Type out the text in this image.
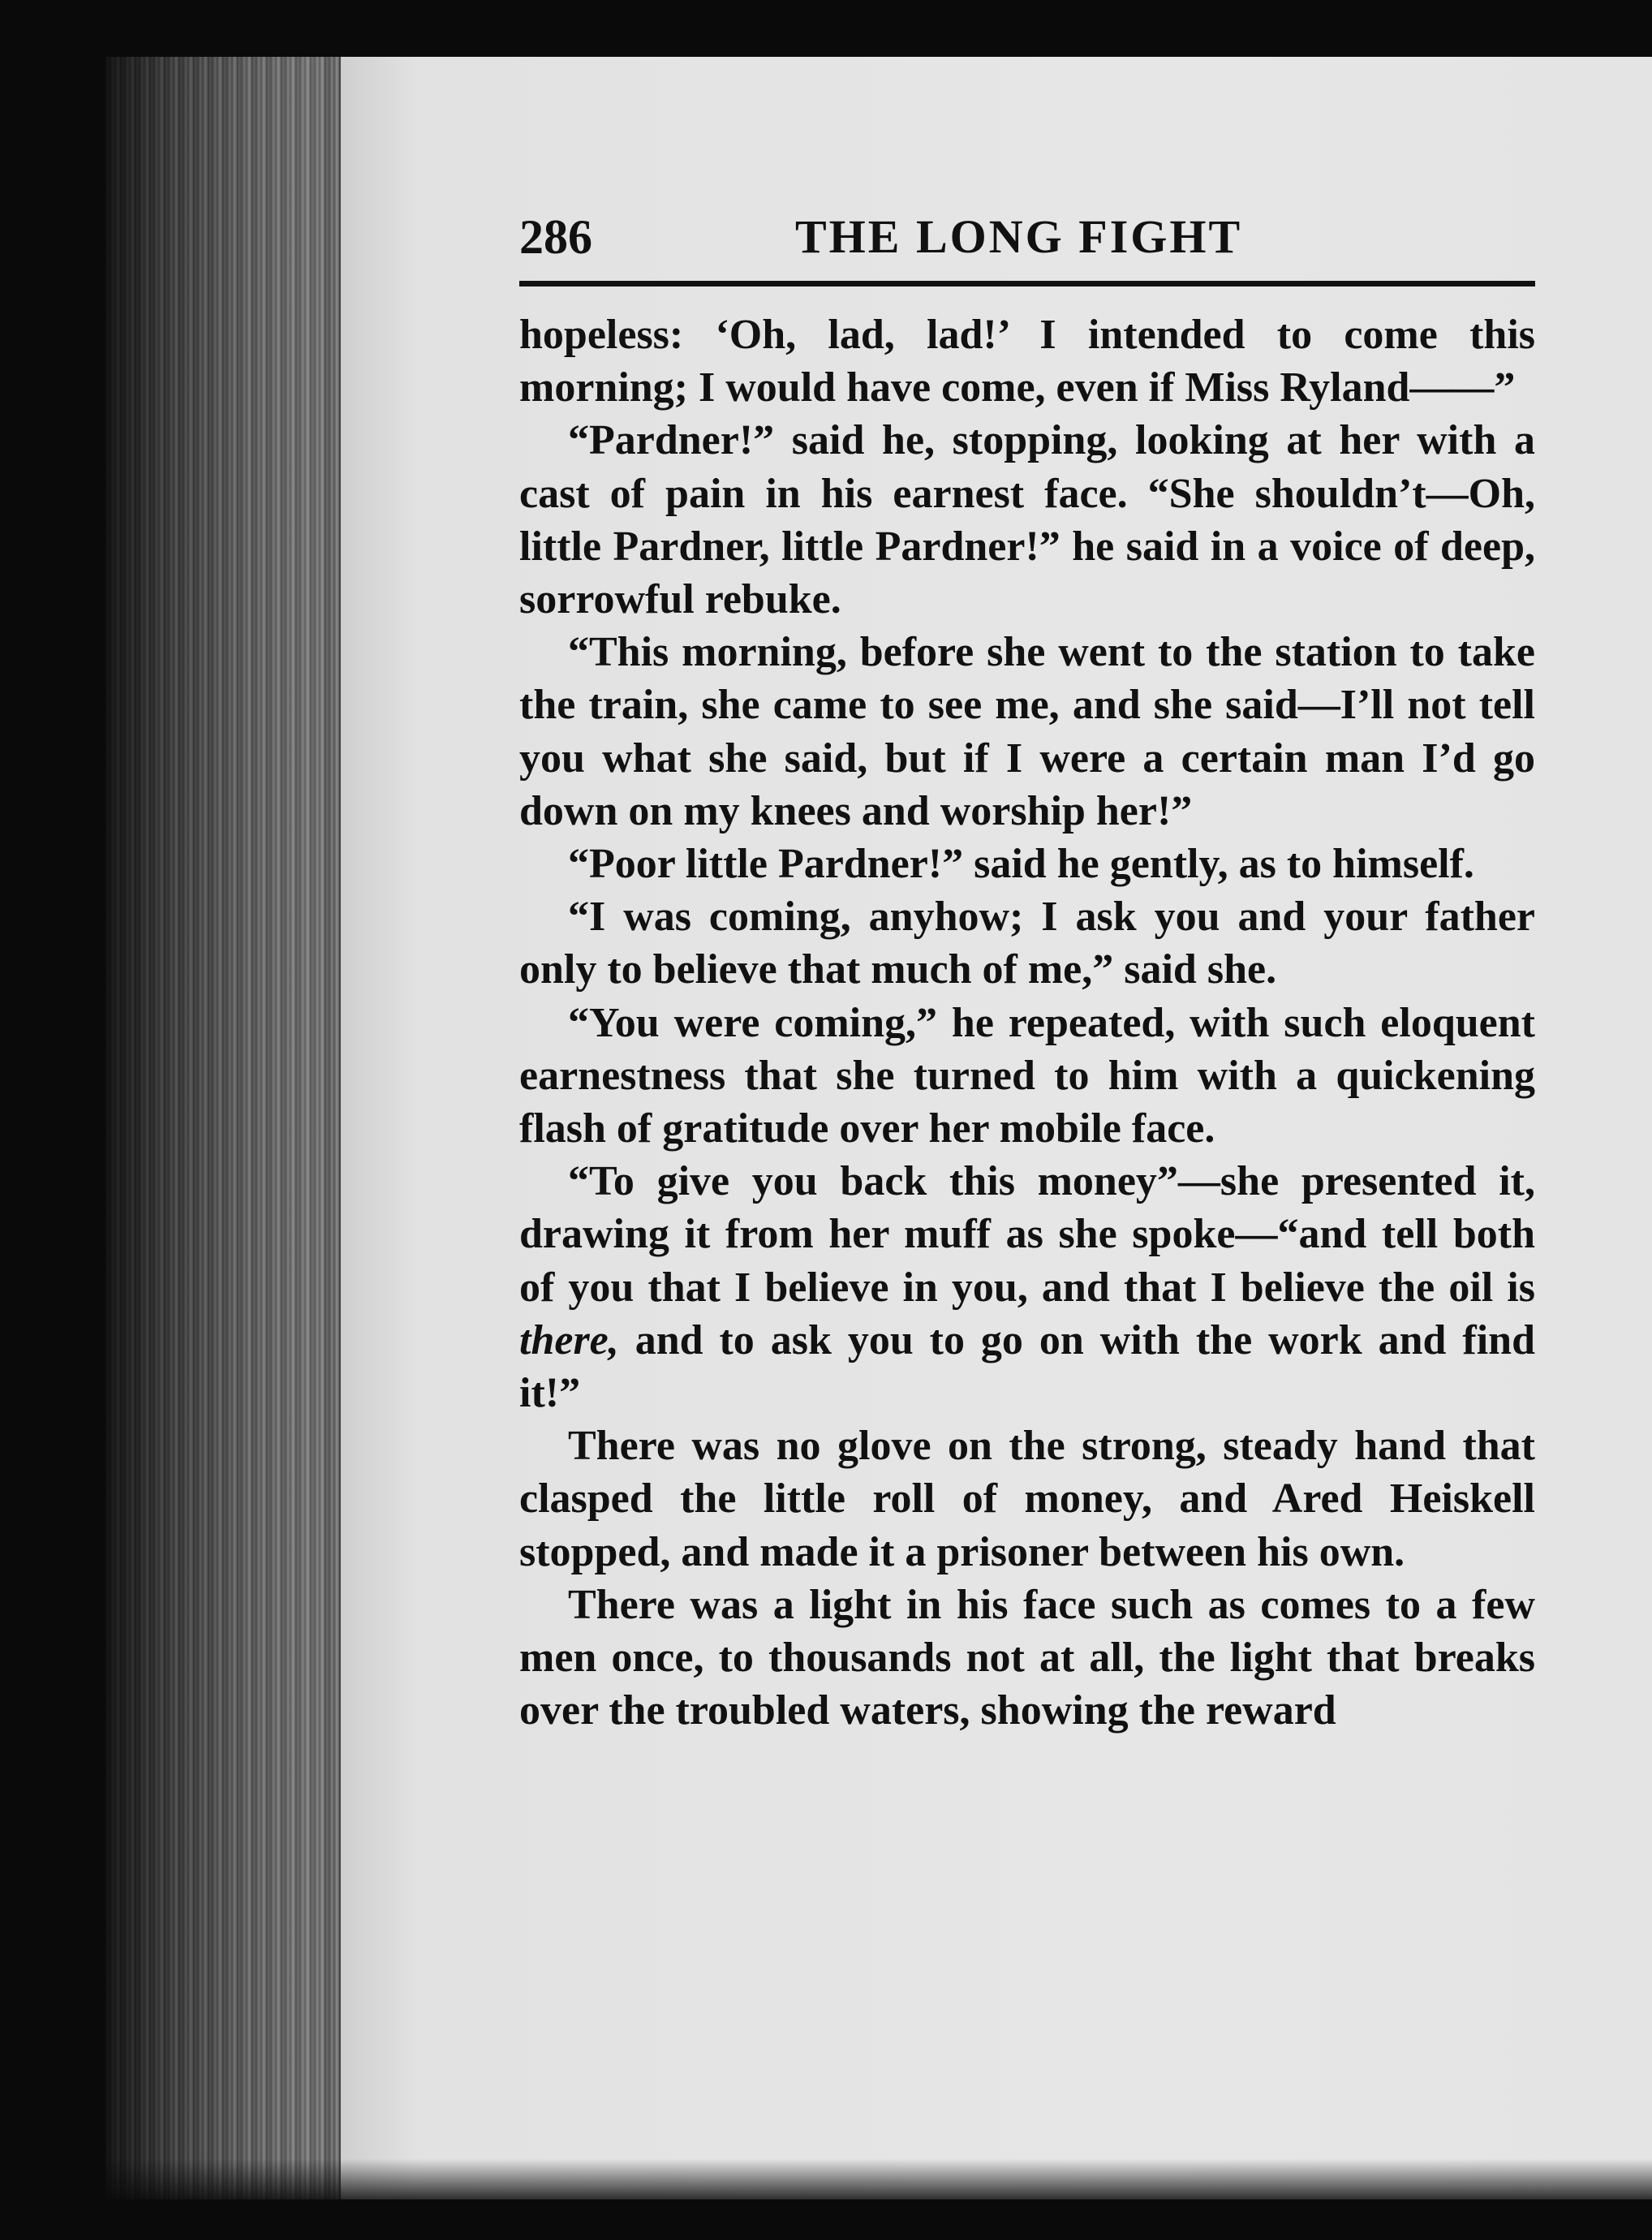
286	THE LONG FIGHT

hopeless: ‘Oh, lad, lad!’ I intended to come this morning; I would have come, even if Miss Ryland——”

“Pardner!” said he, stopping, looking at her with a cast of pain in his earnest face. “She shouldn’t—Oh, little Pardner, little Pardner!” he said in a voice of deep, sorrowful rebuke.

“This morning, before she went to the station to take the train, she came to see me, and she said—I’ll not tell you what she said, but if I were a certain man I’d go down on my knees and worship her!”

“Poor little Pardner!” said he gently, as to himself.

“I was coming, anyhow; I ask you and your father only to believe that much of me,” said she.

“You were coming,” he repeated, with such eloquent earnestness that she turned to him with a quickening flash of gratitude over her mobile face.

“To give you back this money”—she presented it, drawing it from her muff as she spoke—“and tell both of you that I believe in you, and that I believe the oil is there, and to ask you to go on with the work and find it!”

There was no glove on the strong, steady hand that clasped the little roll of money, and Ared Heiskell stopped, and made it a prisoner between his own.

There was a light in his face such as comes to a few men once, to thousands not at all, the light that breaks over the troubled waters, showing the reward
